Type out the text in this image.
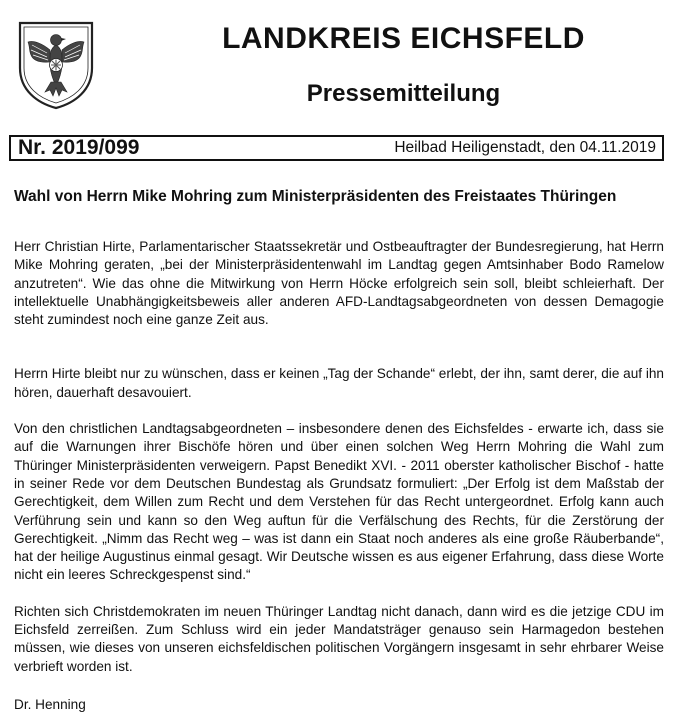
LANDKREIS EICHSFELD
Pressemitteilung
Nr. 2019/099	Heilbad Heiligenstadt, den 04.11.2019
Wahl von Herrn Mike Mohring zum Ministerpräsidenten des Freistaates Thüringen

Herr Christian Hirte, Parlamentarischer Staatssekretär und Ostbeauftragter der Bundesregierung, hat Herrn Mike Mohring geraten, „bei der Ministerpräsidentenwahl im Landtag gegen Amtsinhaber Bodo Ramelow anzutreten“. Wie das ohne die Mitwirkung von Herrn Höcke erfolgreich sein soll, bleibt schleierhaft. Der intellektuelle Unabhängigkeitsbeweis aller anderen AFD-Landtagsabgeordneten von dessen Demagogie steht zumindest noch eine ganze Zeit aus.

Herrn Hirte bleibt nur zu wünschen, dass er keinen „Tag der Schande“ erlebt, der ihn, samt derer, die auf ihn hören, dauerhaft desavouiert.

Von den christlichen Landtagsabgeordneten – insbesondere denen des Eichsfeldes - erwarte ich, dass sie auf die Warnungen ihrer Bischöfe hören und über einen solchen Weg Herrn Mohring die Wahl zum Thüringer Ministerpräsidenten verweigern. Papst Benedikt XVI. - 2011 oberster katholischer Bischof - hatte in seiner Rede vor dem Deutschen Bundestag als Grundsatz formuliert: „Der Erfolg ist dem Maßstab der Gerechtigkeit, dem Willen zum Recht und dem Verstehen für das Recht untergeordnet. Erfolg kann auch Verführung sein und kann so den Weg auftun für die Verfälschung des Rechts, für die Zerstörung der Gerechtigkeit. „Nimm das Recht weg – was ist dann ein Staat noch anderes als eine große Räuberbande“, hat der heilige Augustinus einmal gesagt. Wir Deutsche wissen es aus eigener Erfahrung, dass diese Worte nicht ein leeres Schreckgespenst sind.“

Richten sich Christdemokraten im neuen Thüringer Landtag nicht danach, dann wird es die jetzige CDU im Eichsfeld zerreißen. Zum Schluss wird ein jeder Mandatsträger genauso sein Harmagedon bestehen müssen, wie dieses von unseren eichsfeldischen politischen Vorgängern insgesamt in sehr ehrbarer Weise verbrieft worden ist.

Dr. Henning
